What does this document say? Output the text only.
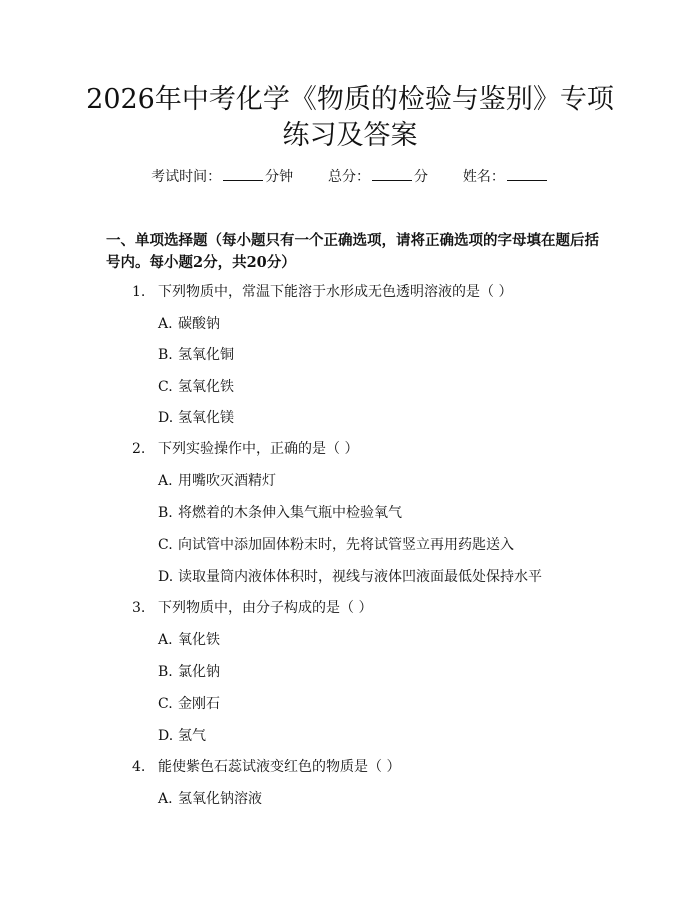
2026年中考化学《物质的检验与鉴别》专项
练习及答案
考试时间：	分钟 总分：	分 姓名：
一、单项选择题（每小题只有一个正确选项，请将正确选项的字母填在题后括号内。每小题2分，共20分）
1. 下列物质中，常温下能溶于水形成无色透明溶液的是（ ）
A. 碳酸钠
B. 氢氧化铜
C. 氢氧化铁
D. 氢氧化镁
2. 下列实验操作中，正确的是（ ）
A. 用嘴吹灭酒精灯
B. 将燃着的木条伸入集气瓶中检验氧气
C. 向试管中添加固体粉末时，先将试管竖立再用药匙送入
D. 读取量筒内液体体积时，视线与液体凹液面最低处保持水平
3. 下列物质中，由分子构成的是（ ）
A. 氧化铁
B. 氯化钠
C. 金刚石
D. 氢气
4. 能使紫色石蕊试液变红色的物质是（ ）
A. 氢氧化钠溶液
